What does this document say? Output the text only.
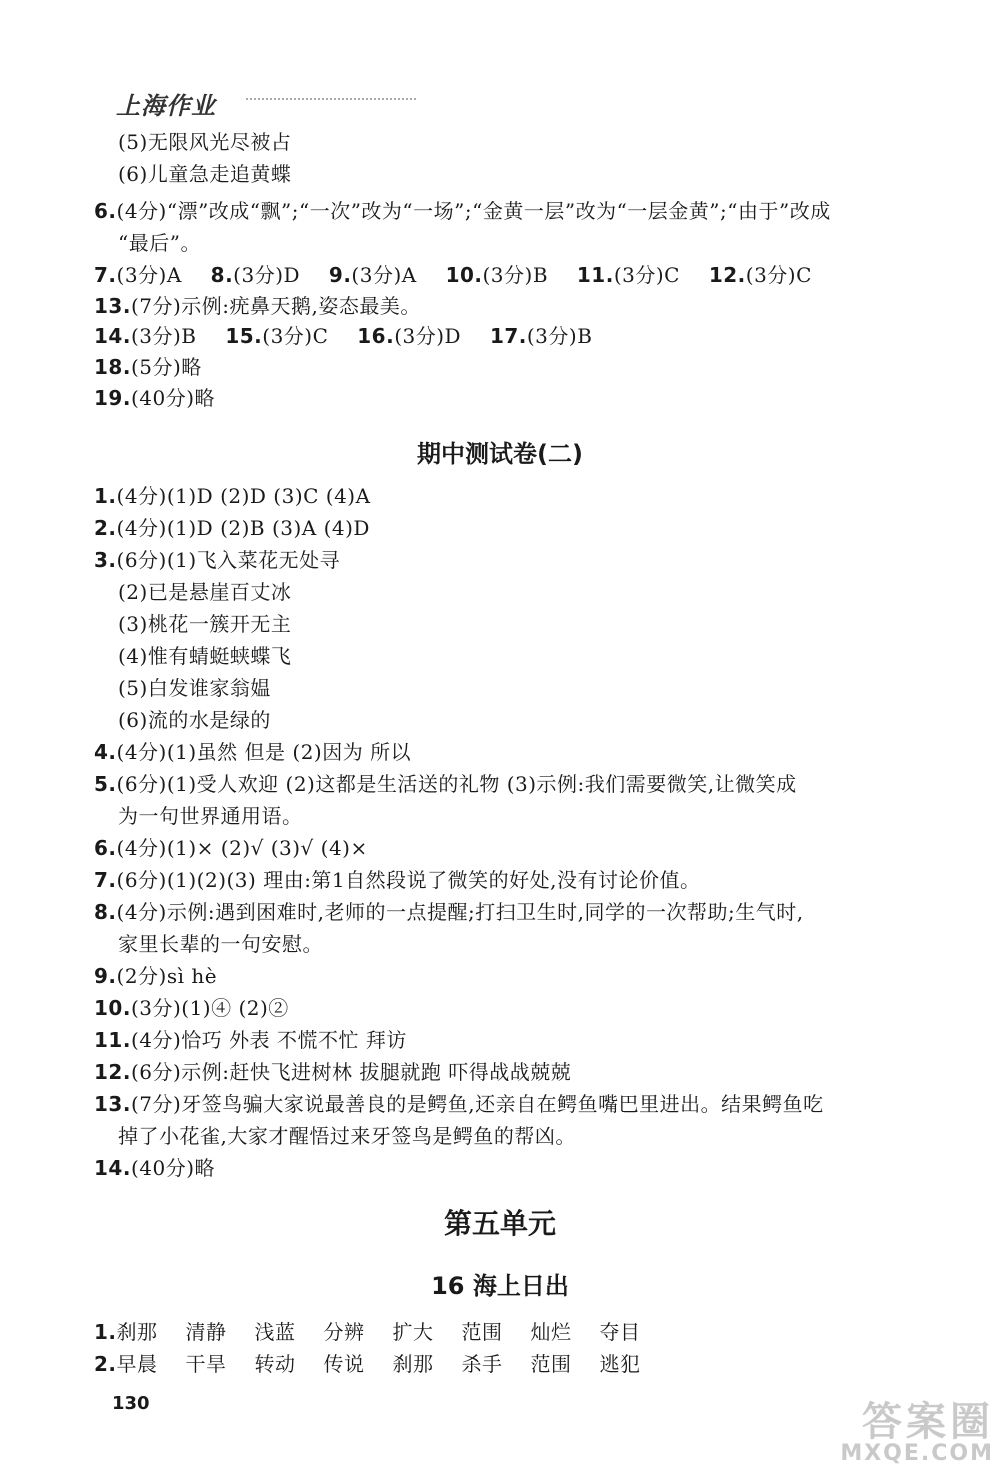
上海作业
(5)无限风光尽被占
(6)儿童急走追黄蝶
6.(4分)“漂”改成“飘”;“一次”改为“一场”;“金黄一层”改为“一层金黄”;“由于”改成
“最后”。
7.(3分)A 8.(3分)D 9.(3分)A 10.(3分)B 11.(3分)C 12.(3分)C
13.(7分)示例:疣鼻天鹅,姿态最美。
14.(3分)B 15.(3分)C 16.(3分)D 17.(3分)B
18.(5分)略
19.(40分)略
期中测试卷(二)
1.(4分)(1)D (2)D (3)C (4)A
2.(4分)(1)D (2)B (3)A (4)D
3.(6分)(1)飞入菜花无处寻
(2)已是悬崖百丈冰
(3)桃花一簇开无主
(4)惟有蜻蜓蛱蝶飞
(5)白发谁家翁媪
(6)流的水是绿的
4.(4分)(1)虽然 但是 (2)因为 所以
5.(6分)(1)受人欢迎 (2)这都是生活送的礼物 (3)示例:我们需要微笑,让微笑成
为一句世界通用语。
6.(4分)(1)× (2)√ (3)√ (4)×
7.(6分)(1)(2)(3) 理由:第1自然段说了微笑的好处,没有讨论价值。
8.(4分)示例:遇到困难时,老师的一点提醒;打扫卫生时,同学的一次帮助;生气时,
家里长辈的一句安慰。
9.(2分)sì hè
10.(3分)(1)④ (2)②
11.(4分)恰巧 外表 不慌不忙 拜访
12.(6分)示例:赶快飞进树林 拔腿就跑 吓得战战兢兢
13.(7分)牙签鸟骗大家说最善良的是鳄鱼,还亲自在鳄鱼嘴巴里进出。结果鳄鱼吃
掉了小花雀,大家才醒悟过来牙签鸟是鳄鱼的帮凶。
14.(40分)略
第五单元
16 海上日出
1.刹那 清静 浅蓝 分辨 扩大 范围 灿烂 夺目
2.早晨 干旱 转动 传说 刹那 杀手 范围 逃犯
130	答案圈
MXQE.COM
